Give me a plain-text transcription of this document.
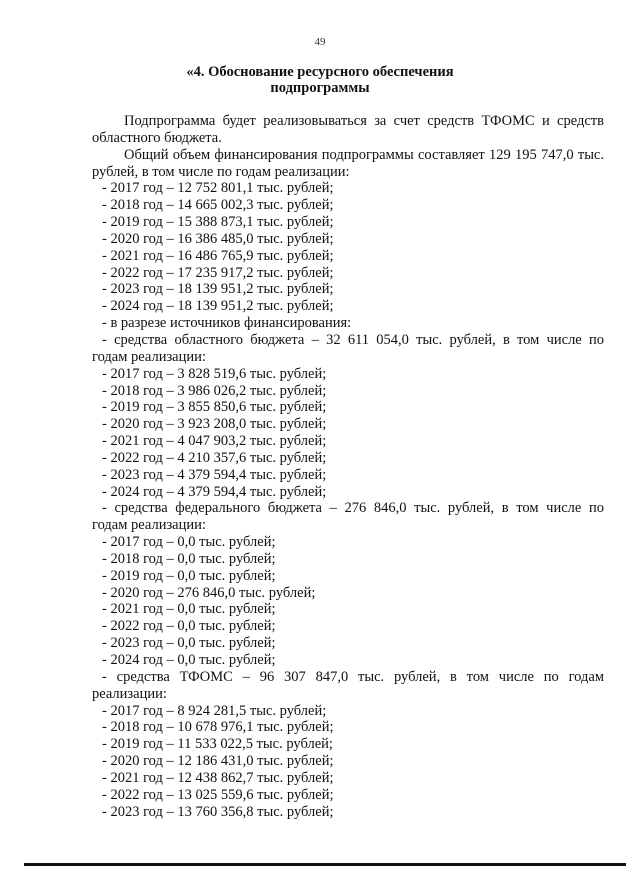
49
«4. Обоснование ресурсного обеспечения
подпрограммы
Подпрограмма будет реализовываться за счет средств ТФОМС и средств
областного бюджета.
Общий объем финансирования подпрограммы составляет 129 195 747,0 тыс.
рублей, в том числе по годам реализации:
- 2017 год – 12 752 801,1 тыс. рублей;
- 2018 год – 14 665 002,3 тыс. рублей;
- 2019 год – 15 388 873,1 тыс. рублей;
- 2020 год – 16 386 485,0 тыс. рублей;
- 2021 год – 16 486 765,9 тыс. рублей;
- 2022 год – 17 235 917,2 тыс. рублей;
- 2023 год – 18 139 951,2 тыс. рублей;
- 2024 год – 18 139 951,2 тыс. рублей;
- в разрезе источников финансирования:
- средства областного бюджета – 32 611 054,0 тыс. рублей, в том числе по
годам реализации:
- 2017 год – 3 828 519,6 тыс. рублей;
- 2018 год – 3 986 026,2 тыс. рублей;
- 2019 год – 3 855 850,6 тыс. рублей;
- 2020 год – 3 923 208,0 тыс. рублей;
- 2021 год – 4 047 903,2 тыс. рублей;
- 2022 год – 4 210 357,6 тыс. рублей;
- 2023 год – 4 379 594,4 тыс. рублей;
- 2024 год – 4 379 594,4 тыс. рублей;
- средства федерального бюджета – 276 846,0 тыс. рублей, в том числе по
годам реализации:
- 2017 год – 0,0 тыс. рублей;
- 2018 год – 0,0 тыс. рублей;
- 2019 год – 0,0 тыс. рублей;
- 2020 год – 276 846,0 тыс. рублей;
- 2021 год – 0,0 тыс. рублей;
- 2022 год – 0,0 тыс. рублей;
- 2023 год – 0,0 тыс. рублей;
- 2024 год – 0,0 тыс. рублей;
- средства ТФОМС – 96 307 847,0 тыс. рублей, в том числе по годам
реализации:
- 2017 год – 8 924 281,5 тыс. рублей;
- 2018 год – 10 678 976,1 тыс. рублей;
- 2019 год – 11 533 022,5 тыс. рублей;
- 2020 год – 12 186 431,0 тыс. рублей;
- 2021 год – 12 438 862,7 тыс. рублей;
- 2022 год – 13 025 559,6 тыс. рублей;
- 2023 год – 13 760 356,8 тыс. рублей;
